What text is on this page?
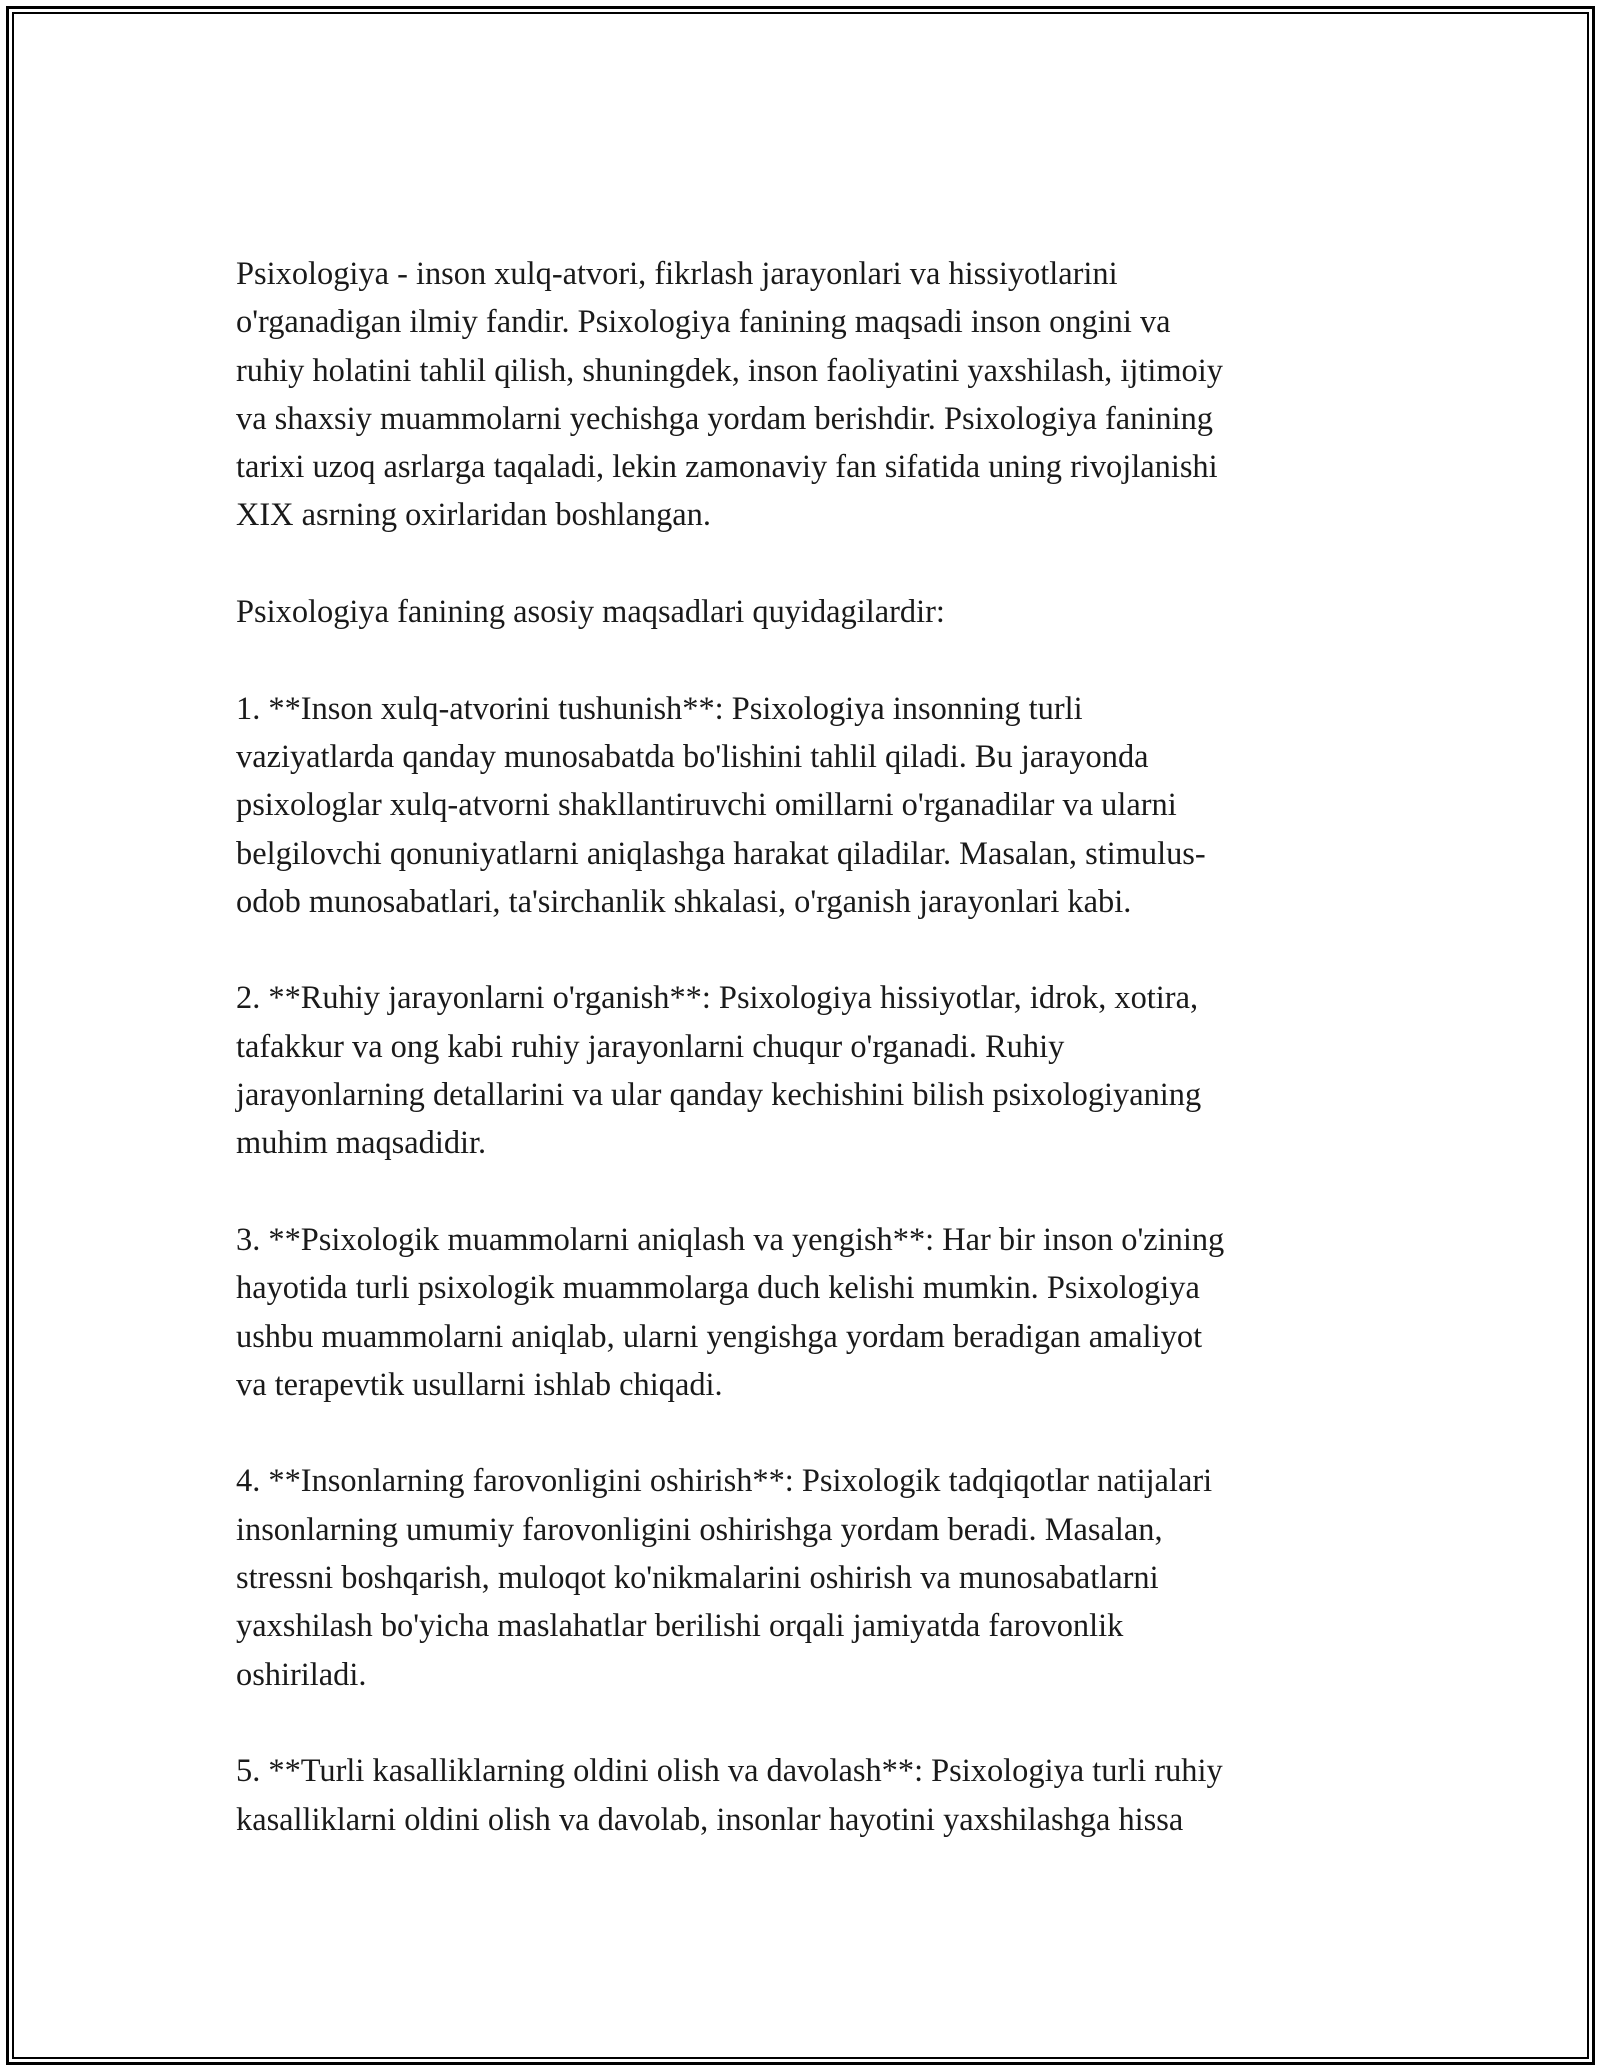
Psixologiya - inson xulq-atvori, fikrlash jarayonlari va hissiyotlarini
o'rganadigan ilmiy fandir. Psixologiya fanining maqsadi inson ongini va
ruhiy holatini tahlil qilish, shuningdek, inson faoliyatini yaxshilash, ijtimoiy
va shaxsiy muammolarni yechishga yordam berishdir. Psixologiya fanining
tarixi uzoq asrlarga taqaladi, lekin zamonaviy fan sifatida uning rivojlanishi
XIX asrning oxirlaridan boshlangan.

Psixologiya fanining asosiy maqsadlari quyidagilardir:

1. **Inson xulq-atvorini tushunish**: Psixologiya insonning turli
vaziyatlarda qanday munosabatda bo'lishini tahlil qiladi. Bu jarayonda
psixologlar xulq-atvorni shakllantiruvchi omillarni o'rganadilar va ularni
belgilovchi qonuniyatlarni aniqlashga harakat qiladilar. Masalan, stimulus-
odob munosabatlari, ta'sirchanlik shkalasi, o'rganish jarayonlari kabi.

2. **Ruhiy jarayonlarni o'rganish**: Psixologiya hissiyotlar, idrok, xotira,
tafakkur va ong kabi ruhiy jarayonlarni chuqur o'rganadi. Ruhiy
jarayonlarning detallarini va ular qanday kechishini bilish psixologiyaning
muhim maqsadidir.

3. **Psixologik muammolarni aniqlash va yengish**: Har bir inson o'zining
hayotida turli psixologik muammolarga duch kelishi mumkin. Psixologiya
ushbu muammolarni aniqlab, ularni yengishga yordam beradigan amaliyot
va terapevtik usullarni ishlab chiqadi.

4. **Insonlarning farovonligini oshirish**: Psixologik tadqiqotlar natijalari
insonlarning umumiy farovonligini oshirishga yordam beradi. Masalan,
stressni boshqarish, muloqot ko'nikmalarini oshirish va munosabatlarni
yaxshilash bo'yicha maslahatlar berilishi orqali jamiyatda farovonlik
oshiriladi.

5. **Turli kasalliklarning oldini olish va davolash**: Psixologiya turli ruhiy
kasalliklarni oldini olish va davolab, insonlar hayotini yaxshilashga hissa
